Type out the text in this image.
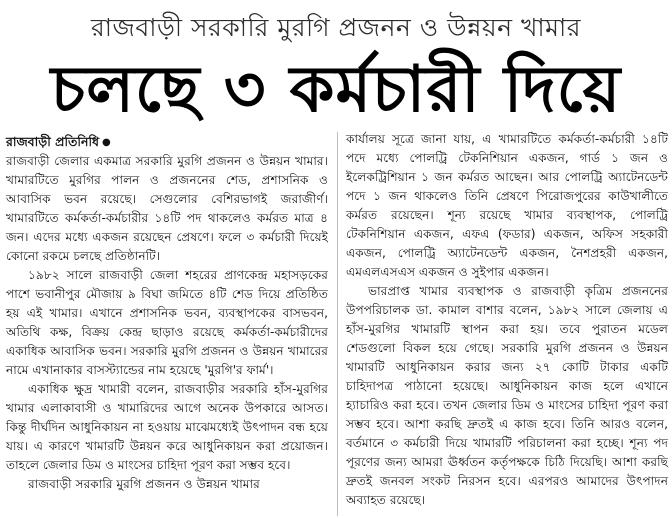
রাজবাড়ী সরকারি মুরগি প্রজনন ও উন্নয়ন খামার
চলছে ৩ কর্মচারী দিয়ে
রাজবাড়ী প্রতিনিধি ●

রাজবাড়ী জেলার একমাত্র সরকারি মুরগি প্রজনন ও উন্নয়ন খামার। খামারটিতে মুরগির পালন ও প্রজননের শেড, প্রশাসনিক ও আবাসিক ভবন রয়েছে। সেগুলোর বেশিরভাগই জরাজীর্ণ। খামারটিতে কর্মকর্তা-কর্মচারীর ১৪টি পদ থাকলেও কর্মরত মাত্র ৪ জন। এদের মধ্যে একজন রয়েছেন প্রেষণে। ফলে ৩ কর্মচারী দিয়েই কোনো রকমে চলছে প্রতিষ্ঠানটি।

১৯৮২ সালে রাজবাড়ী জেলা শহরের প্রাণকেন্দ্র মহাসড়কের পাশে ভবানীপুর মৌজায় ৯ বিঘা জমিতে ৪টি শেড দিয়ে প্রতিষ্ঠিত হয় এই খামার। এখানে প্রশাসনিক ভবন, ব্যবস্থাপকের বাসভবন, অতিথি কক্ষ, বিক্রয় কেন্দ্র ছাড়াও রয়েছে কর্মকর্তা-কর্মচারীদের একাধিক আবাসিক ভবন। সরকারি মুরগি প্রজনন ও উন্নয়ন খামারের নামে এখানাকার বাসস্ট্যান্ডের নাম হয়েছে 'মুরগি'র ফার্ম'।

একাধিক ক্ষুদ্র খামারী বলেন, রাজবাড়ীর সরকারি হাঁস-মুরগির খামার এলাকাবাসী ও খামারিদের আগে অনেক উপকারে আসত। কিন্তু দীর্ঘদিন আধুনিকায়ন না হওয়ায় মাঝেমধ্যেই উৎপাদন বন্ধ হয়ে যায়। এ কারণে খামারটি উন্নয়ন করে আধুনিকায়ন করা প্রয়োজন। তাহলে জেলার ডিম ও মাংসের চাহিদা পূরণ করা সম্ভব হবে।

রাজবাড়ী সরকারি মুরগি প্রজনন ও উন্নয়ন খামার

কার্যালয় সূত্রে জানা যায়, এ খামারটিতে কর্মকর্তা-কর্মচারী ১৪টি পদে মধ্যে পোলট্রি টেকনিশিয়ান একজন, গার্ড ১ জন ও ইলেকট্রিশিয়ান ১ জন কর্মরত আছেন। আর পোলট্রি অ্যাটেনডেন্ট পদে ১ জন থাকলেও তিনি প্রেষণে পিরোজপুরের কাউখালীতে কর্মরত রয়েছেন। শূন্য রয়েছে খামার ব্যবস্থাপক, পোলট্রি টেকনিশিয়ান একজন, এফএ (ফডার) একজন, অফিস সহকারী একজন, পোলট্রি অ্যাটেনডেন্ট একজন, নৈশপ্রহরী একজন, এমএলএসএস একজন ও সুইপার একজন।

ভারপ্রাপ্ত খামার ব্যবস্থাপক ও রাজবাড়ী কৃত্রিম প্রজননের উপপরিচালক ডা. কামাল বাশার বলেন, ১৯৮২ সালে জেলায় এ হাঁস-মুরগির খামারটি স্থাপন করা হয়। তবে পুরাতন মডেল শেডগুলো বিকল হয়ে গেছে। সরকারি মুরগি প্রজনন ও উন্নয়ন খামারটি আধুনিকায়ন করার জন্য ২৭ কোটি টাকার একটি চাহিদাপত্র পাঠানো হয়েছে। আধুনিকায়ন কাজ হলে এখানে হ্যাচারিও করা হবে। তখন জেলার ডিম ও মাংসের চাহিদা পূরণ করা সম্ভব হবে। আশা করছি দ্রুতই এ কাজ হবে। তিনি আরও বলেন, বর্তমানে ৩ কর্মচারী দিয়ে খামারটি পরিচালনা করা হচ্ছে। শূন্য পদ পূরণের জন্য আমরা ঊর্ধ্বতন কর্তৃপক্ষকে চিঠি দিয়েছি। আশা করছি দ্রুতই জনবল সংকট নিরসন হবে। এরপরও আমাদের উৎপাদন অব্যাহত রয়েছে।
